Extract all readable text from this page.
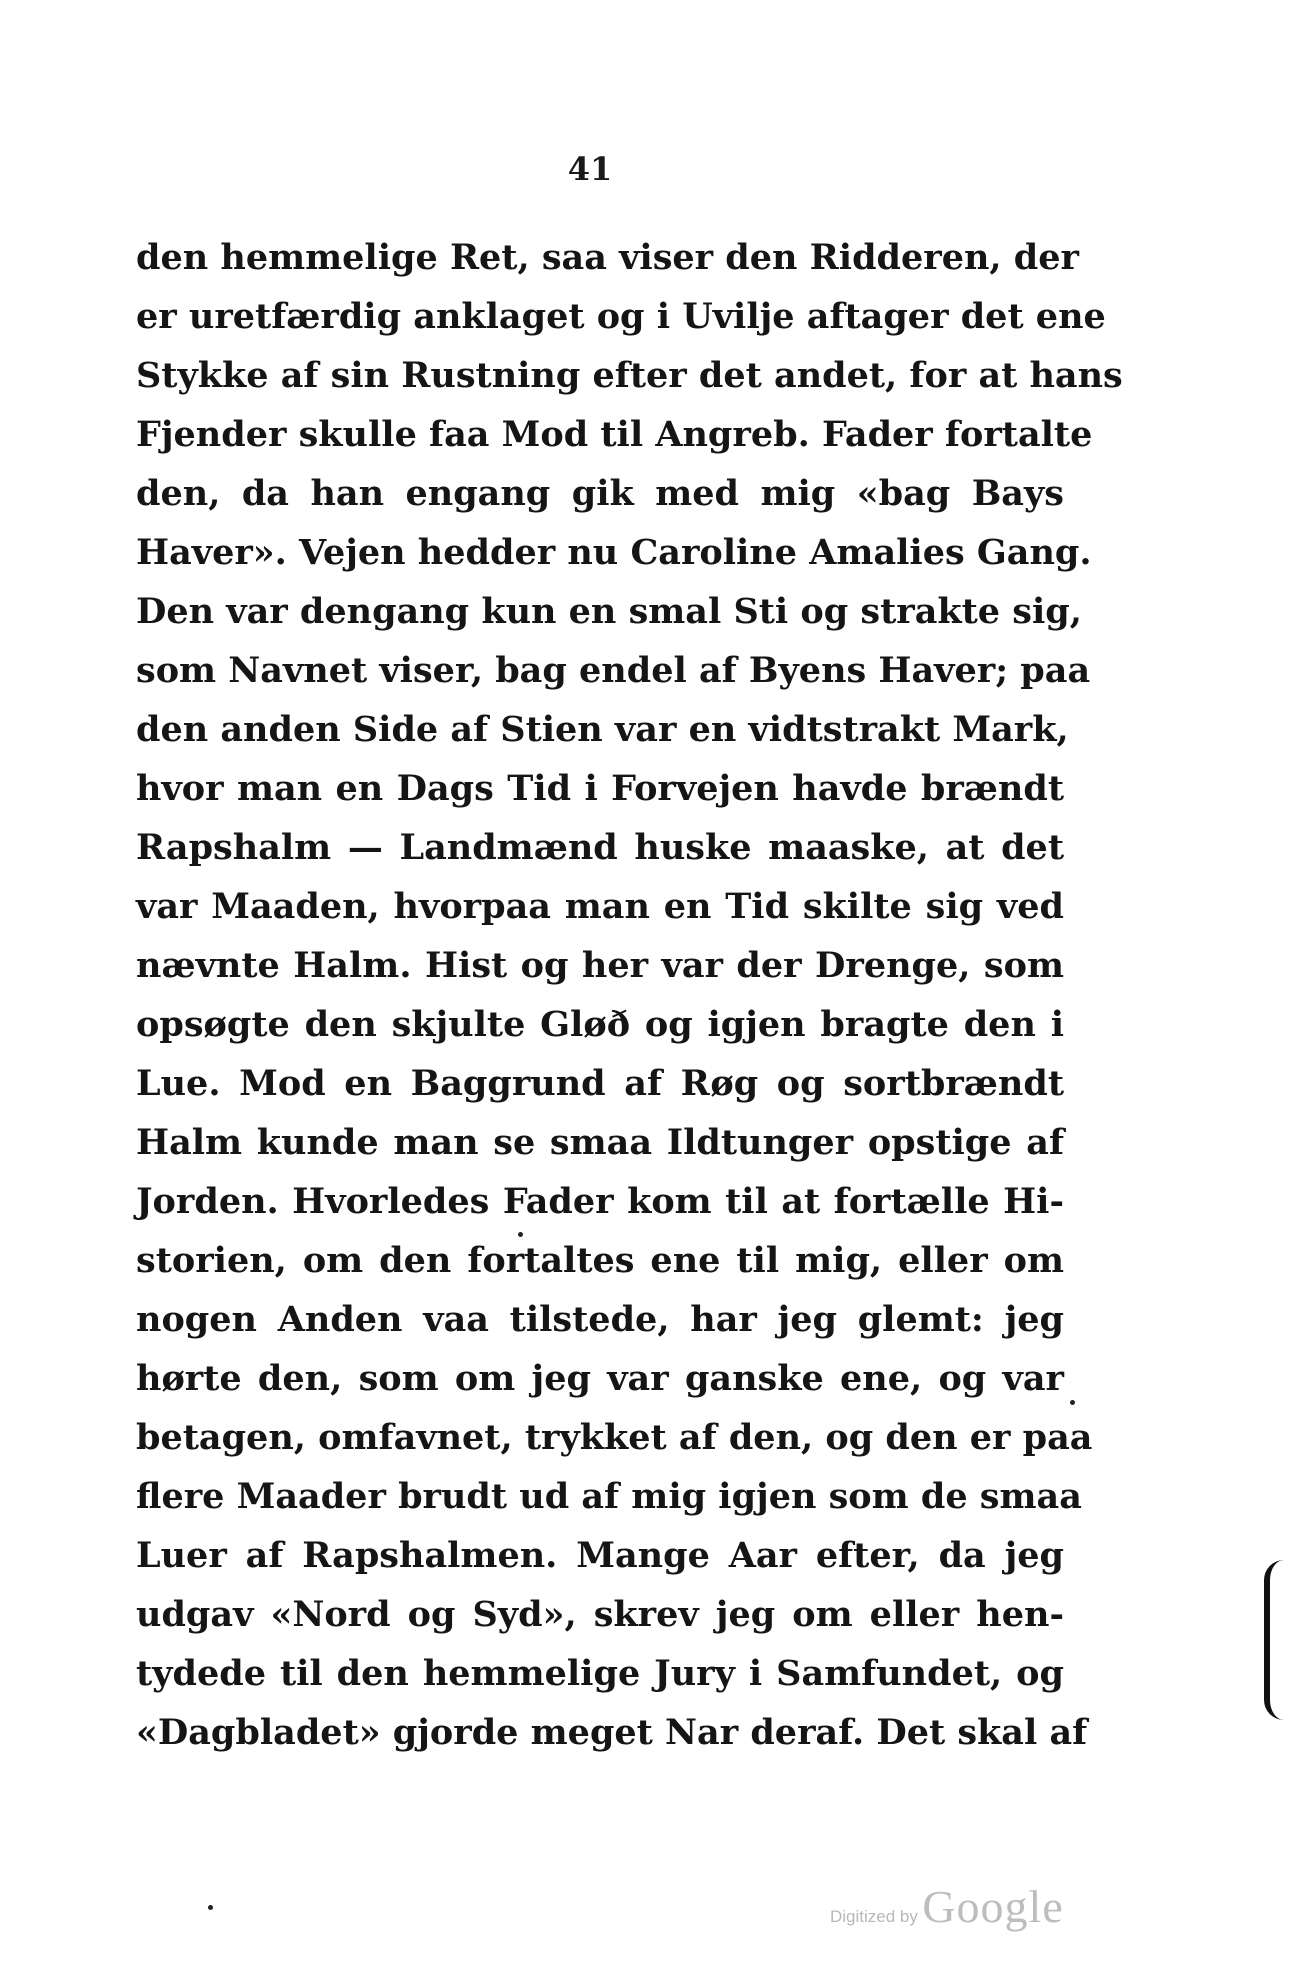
41
den hemmelige Ret, saa viser den Ridderen, der
er uretfærdig anklaget og i Uvilje aftager det ene
Stykke af sin Rustning efter det andet, for at hans
Fjender skulle faa Mod til Angreb. Fader fortalte
den, da han engang gik med mig «bag Bays
Haver». Vejen hedder nu Caroline Amalies Gang.
Den var dengang kun en smal Sti og strakte sig,
som Navnet viser, bag endel af Byens Haver; paa
den anden Side af Stien var en vidtstrakt Mark,
hvor man en Dags Tid i Forvejen havde brændt
Rapshalm — Landmænd huske maaske, at det
var Maaden, hvorpaa man en Tid skilte sig ved
nævnte Halm. Hist og her var der Drenge, som
opsøgte den skjulte Gløð og igjen bragte den i
Lue. Mod en Baggrund af Røg og sortbrændt
Halm kunde man se smaa Ildtunger opstige af
Jorden. Hvorledes Fader kom til at fortælle Hi-
storien, om den fortaltes ene til mig, eller om
nogen Anden vaa tilstede, har jeg glemt: jeg
hørte den, som om jeg var ganske ene, og var
betagen, omfavnet, trykket af den, og den er paa
flere Maader brudt ud af mig igjen som de smaa
Luer af Rapshalmen. Mange Aar efter, da jeg
udgav «Nord og Syd», skrev jeg om eller hen-
tydede til den hemmelige Jury i Samfundet, og
«Dagbladet» gjorde meget Nar deraf. Det skal af
Digitized by Google
